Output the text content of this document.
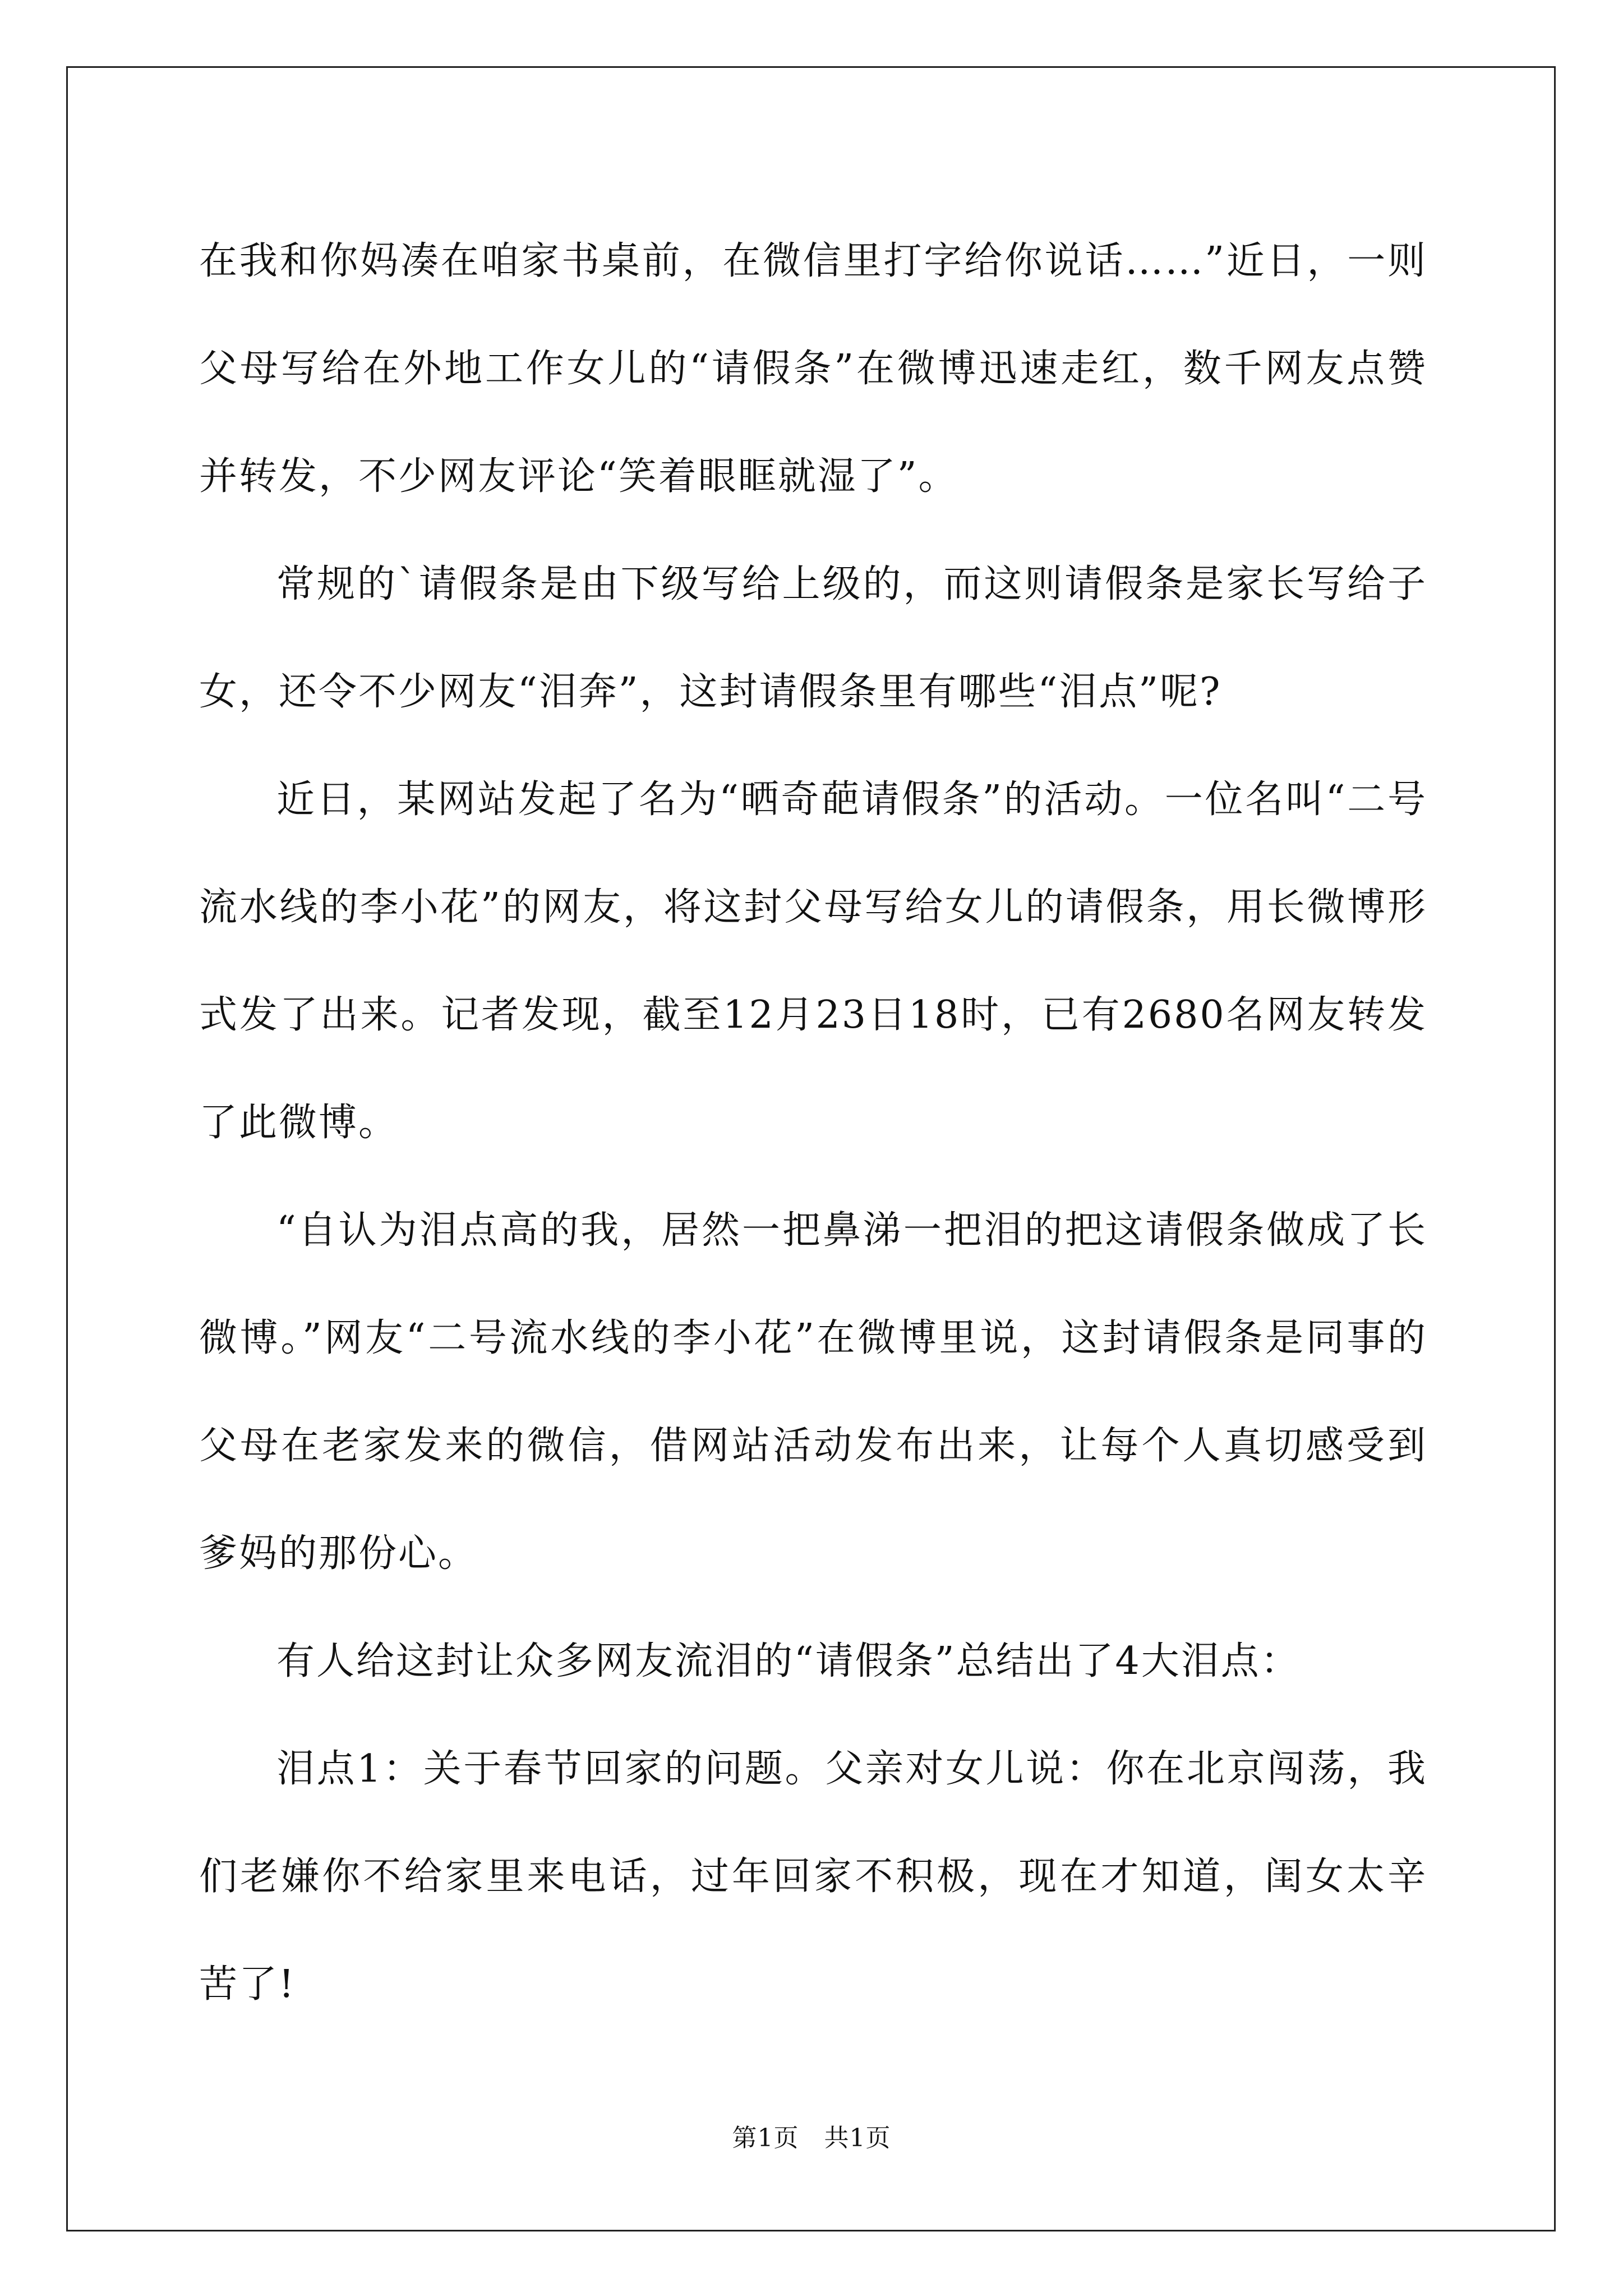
在我和你妈凑在咱家书桌前，在微信里打字给你说话……”近日，一则父母写给在外地工作女儿的“请假条”在微博迅速走红，数千网友点赞并转发，不少网友评论“笑着眼眶就湿了”。

常规的`请假条是由下级写给上级的，而这则请假条是家长写给子女，还令不少网友“泪奔”，这封请假条里有哪些“泪点”呢?

近日，某网站发起了名为“晒奇葩请假条”的活动。一位名叫“二号流水线的李小花”的网友，将这封父母写给女儿的请假条，用长微博形式发了出来。记者发现，截至12月23日18时，已有2680名网友转发了此微博。

“自认为泪点高的我，居然一把鼻涕一把泪的把这请假条做成了长微博。”网友“二号流水线的李小花”在微博里说，这封请假条是同事的父母在老家发来的微信，借网站活动发布出来，让每个人真切感受到爹妈的那份心。

有人给这封让众多网友流泪的“请假条”总结出了4大泪点：

泪点1：关于春节回家的问题。父亲对女儿说：你在北京闯荡，我们老嫌你不给家里来电话，过年回家不积极，现在才知道，闺女太辛苦了!

第1页　共1页
